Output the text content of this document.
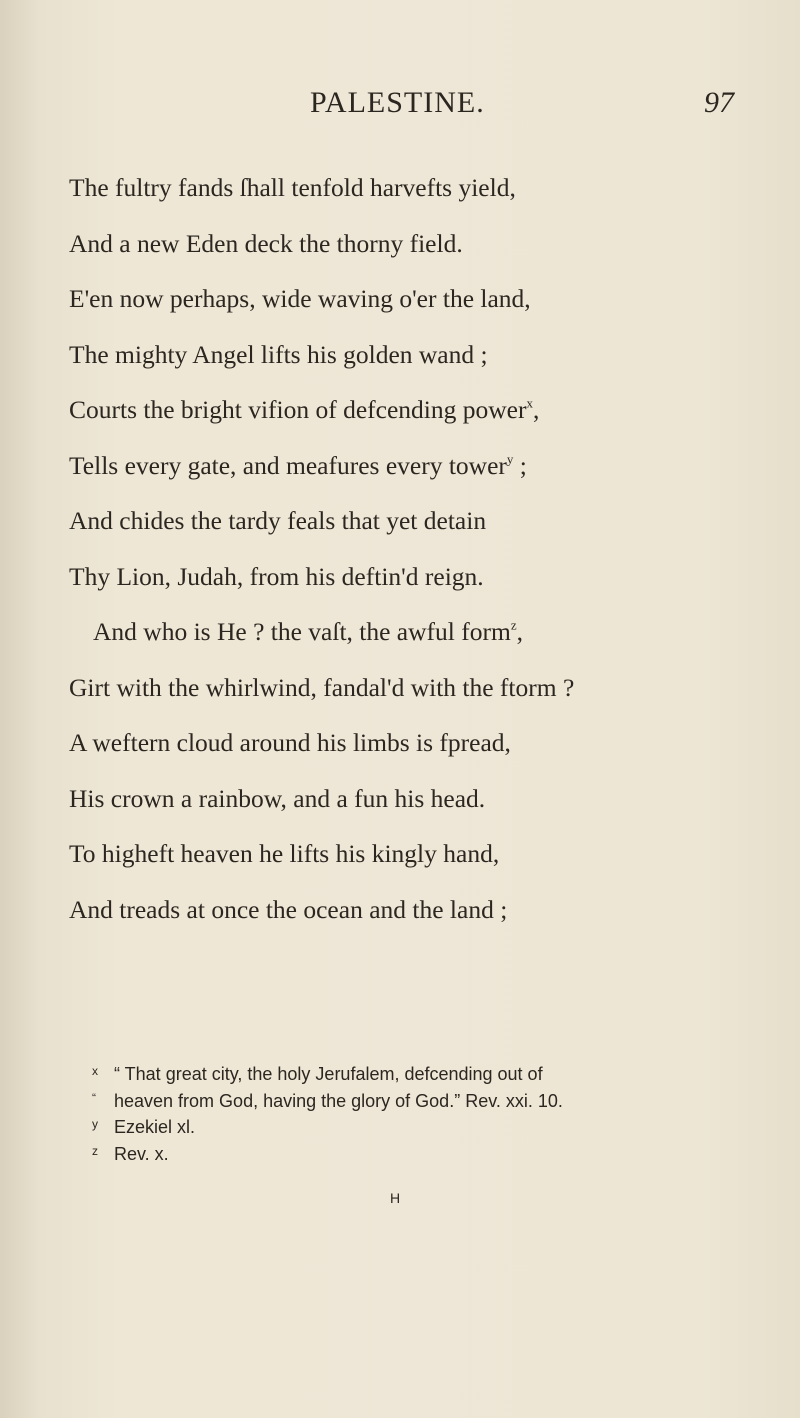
PALESTINE.	97
The fultry fands ſhall tenfold harvefts yield,
And a new Eden deck the thorny field.
E'en now perhaps, wide waving o'er the land,
The mighty Angel lifts his golden wand ;
Courts the bright vifion of defcending power$^x$,
Tells every gate, and meafures every tower$^y$ ;
And chides the tardy feals that yet detain
Thy Lion, Judah, from his deftin'd reign.
And who is He ? the vaſt, the awful form$^z$,
Girt with the whirlwind, fandal'd with the ftorm ?
A weftern cloud around his limbs is fpread,
His crown a rainbow, and a fun his head.
To higheft heaven he lifts his kingly hand,
And treads at once the ocean and the land ;
x “ That great city, the holy Jerufalem, defcending out of
“ heaven from God, having the glory of God.” Rev. xxi. 10.
y Ezekiel xl.
z Rev. x.
H
